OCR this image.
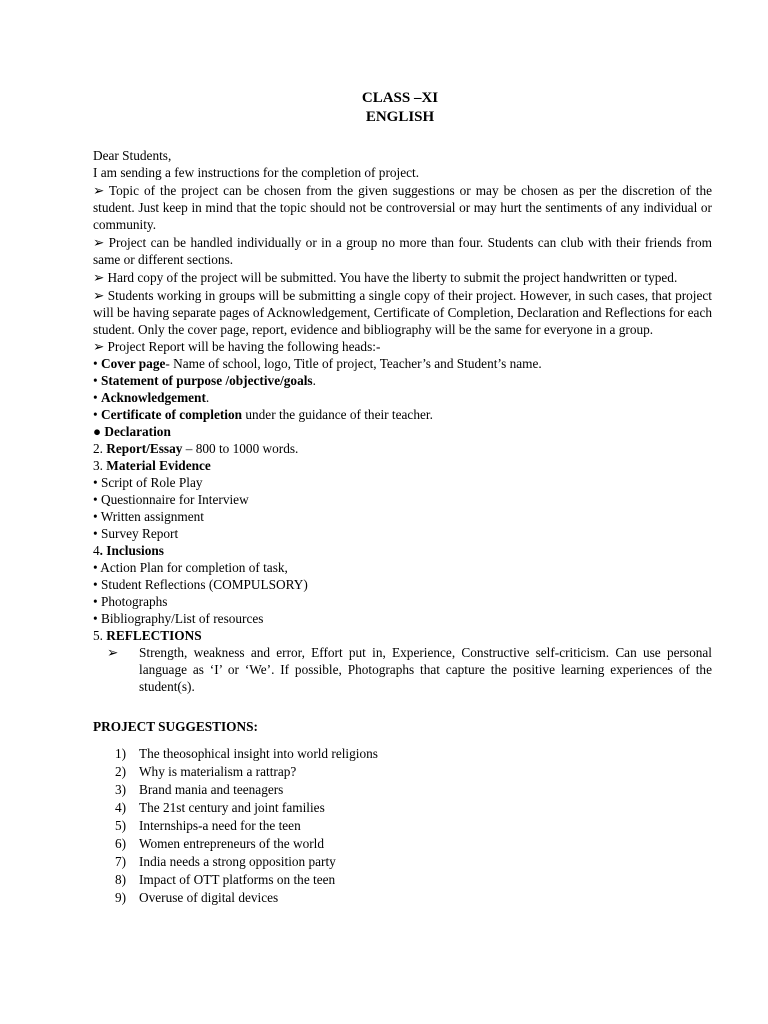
CLASS –XI
ENGLISH

Dear Students,

I am sending a few instructions for the completion of project.

➢ Topic of the project can be chosen from the given suggestions or may be chosen as per the discretion of the student. Just keep in mind that the topic should not be controversial or may hurt the sentiments of any individual or community.

➢ Project can be handled individually or in a group no more than four. Students can club with their friends from same or different sections.

➢ Hard copy of the project will be submitted. You have the liberty to submit the project handwritten or typed.

➢ Students working in groups will be submitting a single copy of their project. However, in such cases, that project will be having separate pages of Acknowledgement, Certificate of Completion, Declaration and Reflections for each student. Only the cover page, report, evidence and bibliography will be the same for everyone in a group.

➢ Project Report will be having the following heads:-

• Cover page- Name of school, logo, Title of project, Teacher’s and Student’s name.

• Statement of purpose /objective/goals.

• Acknowledgement.

• Certificate of completion under the guidance of their teacher.

● Declaration

2. Report/Essay – 800 to 1000 words.

3. Material Evidence

• Script of Role Play

• Questionnaire for Interview

• Written assignment

• Survey Report

4. Inclusions

• Action Plan for completion of task,

• Student Reflections (COMPULSORY)

• Photographs

• Bibliography/List of resources

5. REFLECTIONS

➢ Strength, weakness and error, Effort put in, Experience, Constructive self-criticism. Can use personal language as ‘I’ or ‘We’. If possible, Photographs that capture the positive learning experiences of the student(s).

PROJECT SUGGESTIONS:

1) The theosophical insight into world religions
2) Why is materialism a rattrap?
3) Brand mania and teenagers
4) The 21st century and joint families
5) Internships-a need for the teen
6) Women entrepreneurs of the world
7) India needs a strong opposition party
8) Impact of OTT platforms on the teen
9) Overuse of digital devices
